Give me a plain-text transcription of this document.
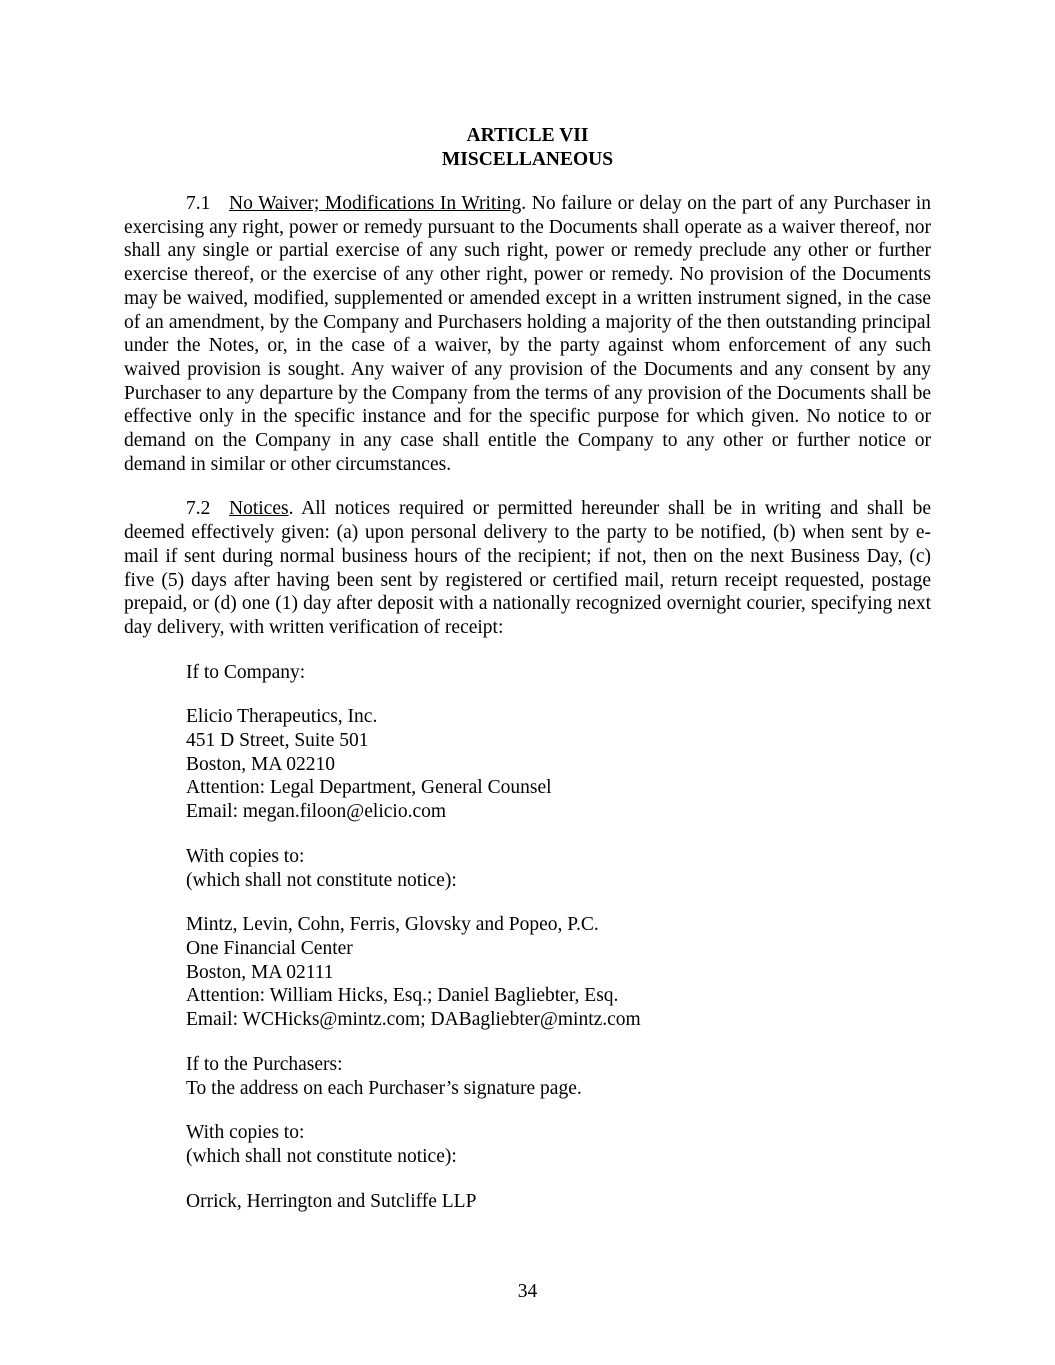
ARTICLE VII

MISCELLANEOUS

7.1 No Waiver; Modifications In Writing. No failure or delay on the part of any Purchaser in exercising any right, power or remedy pursuant to the Documents shall operate as a waiver thereof, nor shall any single or partial exercise of any such right, power or remedy preclude any other or further exercise thereof, or the exercise of any other right, power or remedy. No provision of the Documents may be waived, modified, supplemented or amended except in a written instrument signed, in the case of an amendment, by the Company and Purchasers holding a majority of the then outstanding principal under the Notes, or, in the case of a waiver, by the party against whom enforcement of any such waived provision is sought. Any waiver of any provision of the Documents and any consent by any Purchaser to any departure by the Company from the terms of any provision of the Documents shall be effective only in the specific instance and for the specific purpose for which given. No notice to or demand on the Company in any case shall entitle the Company to any other or further notice or demand in similar or other circumstances.

7.2 Notices. All notices required or permitted hereunder shall be in writing and shall be deemed effectively given: (a) upon personal delivery to the party to be notified, (b) when sent by e-mail if sent during normal business hours of the recipient; if not, then on the next Business Day, (c) five (5) days after having been sent by registered or certified mail, return receipt requested, postage prepaid, or (d) one (1) day after deposit with a nationally recognized overnight courier, specifying next day delivery, with written verification of receipt:

If to Company:
Elicio Therapeutics, Inc.
451 D Street, Suite 501
Boston, MA 02210
Attention: Legal Department, General Counsel
Email: megan.filoon@elicio.com
With copies to:
(which shall not constitute notice):
Mintz, Levin, Cohn, Ferris, Glovsky and Popeo, P.C.
One Financial Center
Boston, MA 02111
Attention: William Hicks, Esq.; Daniel Bagliebter, Esq.
Email: WCHicks@mintz.com; DABagliebter@mintz.com
If to the Purchasers:
To the address on each Purchaser’s signature page.
With copies to:
(which shall not constitute notice):
Orrick, Herrington and Sutcliffe LLP
34
